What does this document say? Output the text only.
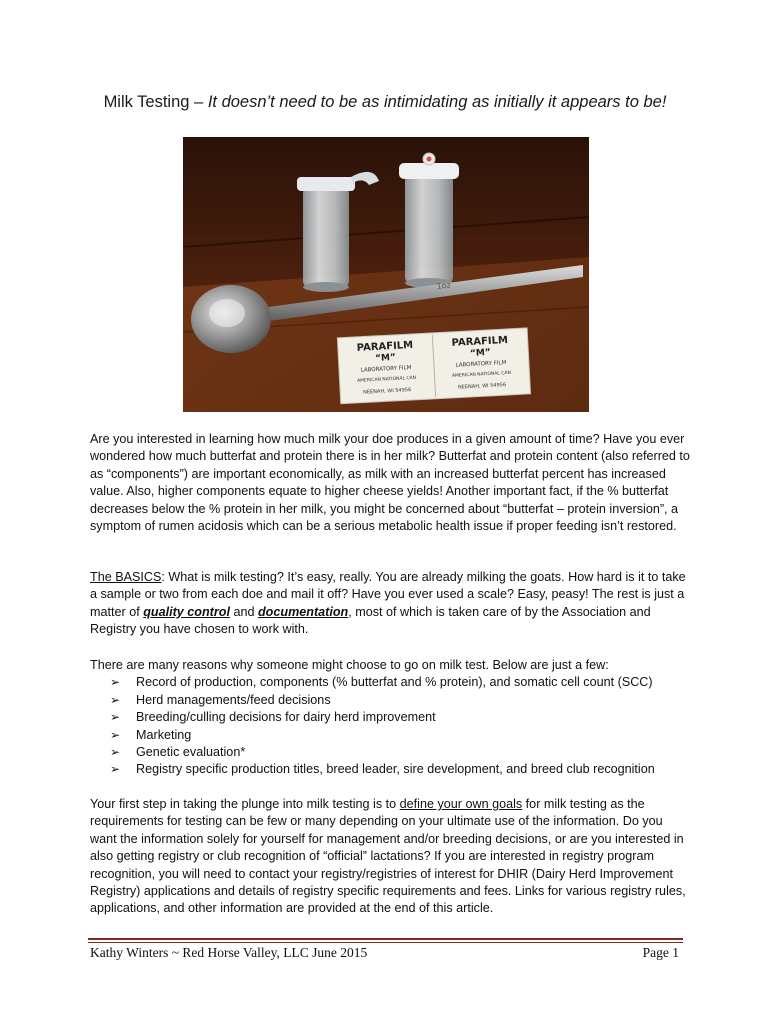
Milk Testing – It doesn’t need to be as intimidating as initially it appears to be!
1oz
PARAFILM
“M”
LABORATORY FILM
AMERICAN NATIONAL CAN
NEENAH, WI 54956
PARAFILM
“M”
LABORATORY FILM
AMERICAN NATIONAL CAN
NEENAH, WI 54956

Are you interested in learning how much milk your doe produces in a given amount of time? Have you ever wondered how much butterfat and protein there is in her milk? Butterfat and protein content (also referred to as “components”) are important economically, as milk with an increased butterfat percent has increased value. Also, higher components equate to higher cheese yields! Another important fact, if the % butterfat decreases below the % protein in her milk, you might be concerned about “butterfat – protein inversion”, a symptom of rumen acidosis which can be a serious metabolic health issue if proper feeding isn’t restored.

The BASICS: What is milk testing? It’s easy, really. You are already milking the goats. How hard is it to take a sample or two from each doe and mail it off? Have you ever used a scale? Easy, peasy! The rest is just a matter of quality control and documentation, most of which is taken care of by the Association and Registry you have chosen to work with.

There are many reasons why someone might choose to go on milk test. Below are just a few:

➢ Record of production, components (% butterfat and % protein), and somatic cell count (SCC)
➢ Herd managements/feed decisions
➢ Breeding/culling decisions for dairy herd improvement
➢ Marketing
➢ Genetic evaluation*
➢ Registry specific production titles, breed leader, sire development, and breed club recognition

Your first step in taking the plunge into milk testing is to define your own goals for milk testing as the requirements for testing can be few or many depending on your ultimate use of the information. Do you want the information solely for yourself for management and/or breeding decisions, or are you interested in also getting registry or club recognition of “official” lactations? If you are interested in registry program recognition, you will need to contact your registry/registries of interest for DHIR (Dairy Herd Improvement Registry) applications and details of registry specific requirements and fees. Links for various registry rules, applications, and other information are provided at the end of this article.

Kathy Winters ~ Red Horse Valley, LLC June 2015	Page 1
